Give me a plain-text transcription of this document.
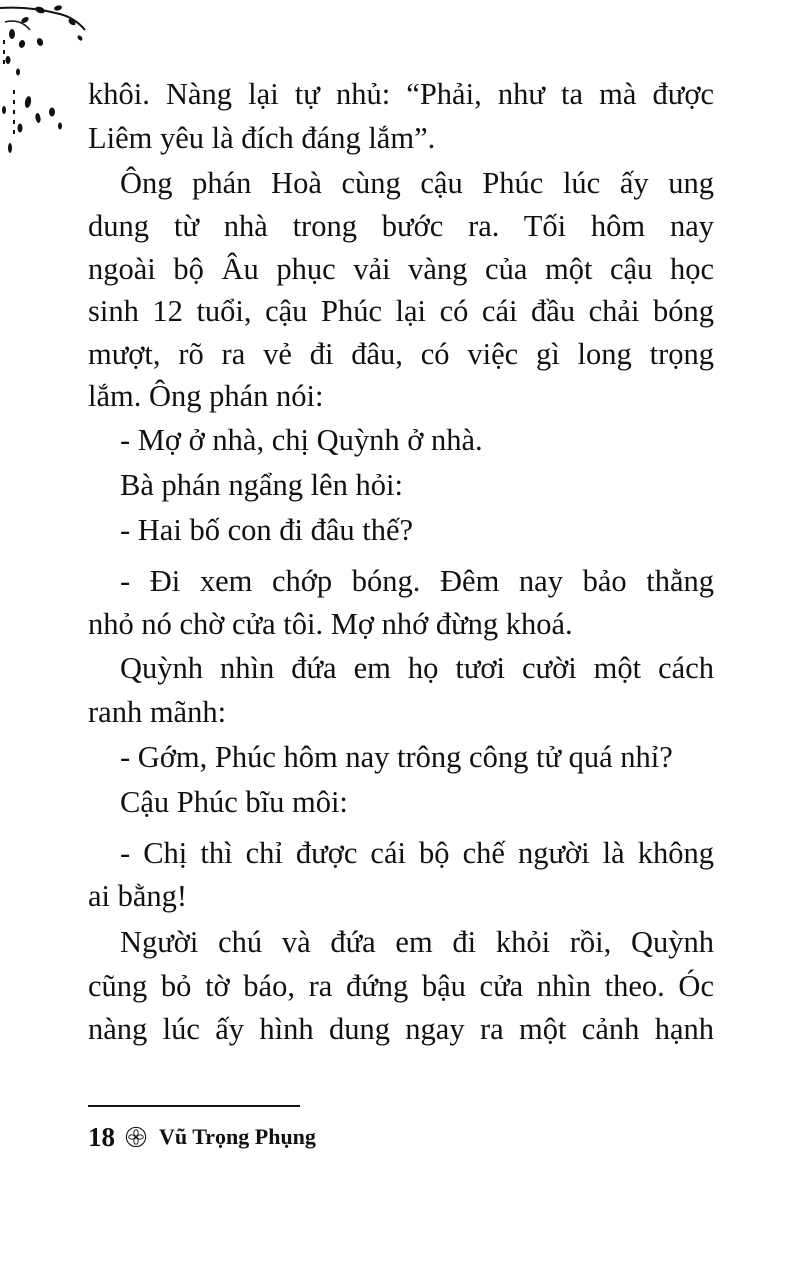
khôi. Nàng lại tự nhủ: “Phải, như ta mà được
Liêm yêu là đích đáng lắm”.
Ông phán Hoà cùng cậu Phúc lúc ấy ung
dung từ nhà trong bước ra. Tối hôm nay
ngoài bộ Âu phục vải vàng của một cậu học
sinh 12 tuổi, cậu Phúc lại có cái đầu chải bóng
mượt, rõ ra vẻ đi đâu, có việc gì long trọng
lắm. Ông phán nói:
- Mợ ở nhà, chị Quỳnh ở nhà.
Bà phán ngẩng lên hỏi:
- Hai bố con đi đâu thế?
- Đi xem chớp bóng. Đêm nay bảo thằng
nhỏ nó chờ cửa tôi. Mợ nhớ đừng khoá.
Quỳnh nhìn đứa em họ tươi cười một cách
ranh mãnh:
- Gớm, Phúc hôm nay trông công tử quá nhỉ?
Cậu Phúc bĩu môi:
- Chị thì chỉ được cái bộ chế người là không
ai bằng!
Người chú và đứa em đi khỏi rồi, Quỳnh
cũng bỏ tờ báo, ra đứng bậu cửa nhìn theo. Óc
nàng lúc ấy hình dung ngay ra một cảnh hạnh
18 Vũ Trọng Phụng
